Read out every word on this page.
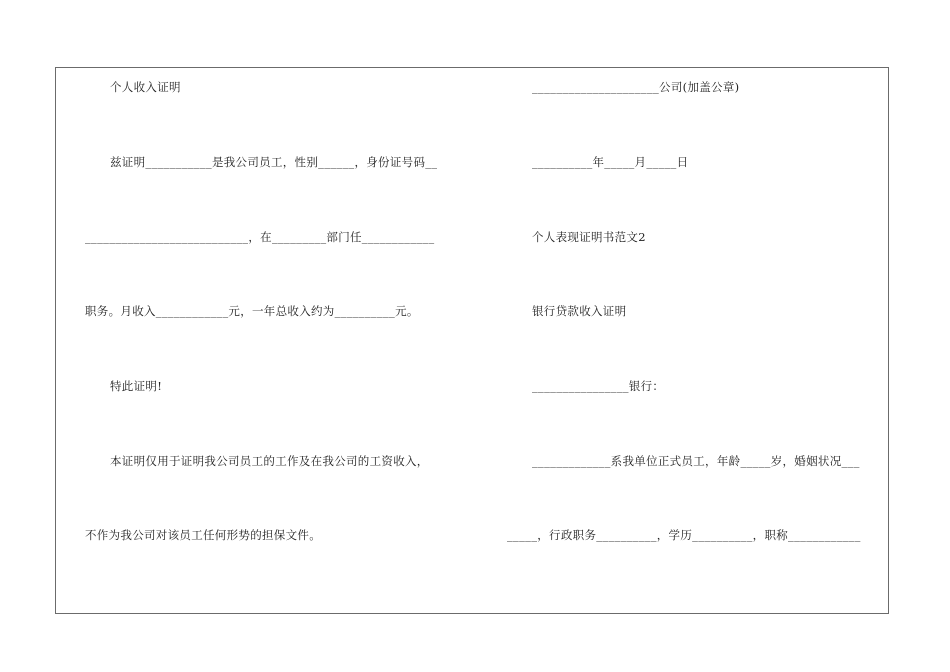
个人收入证明
兹证明___________是我公司员工，性别______，身份证号码__
___________________________，在_________部门任____________
职务。月收入____________元，一年总收入约为__________元。
特此证明!
本证明仅用于证明我公司员工的工作及在我公司的工资收入，
不作为我公司对该员工任何形势的担保文件。
_____________________公司(加盖公章)
__________年_____月_____日
个人表现证明书范文2
银行贷款收入证明
________________银行：
_____________系我单位正式员工，年龄_____岁，婚姻状况___
_____，行政职务__________，学历__________，职称____________
